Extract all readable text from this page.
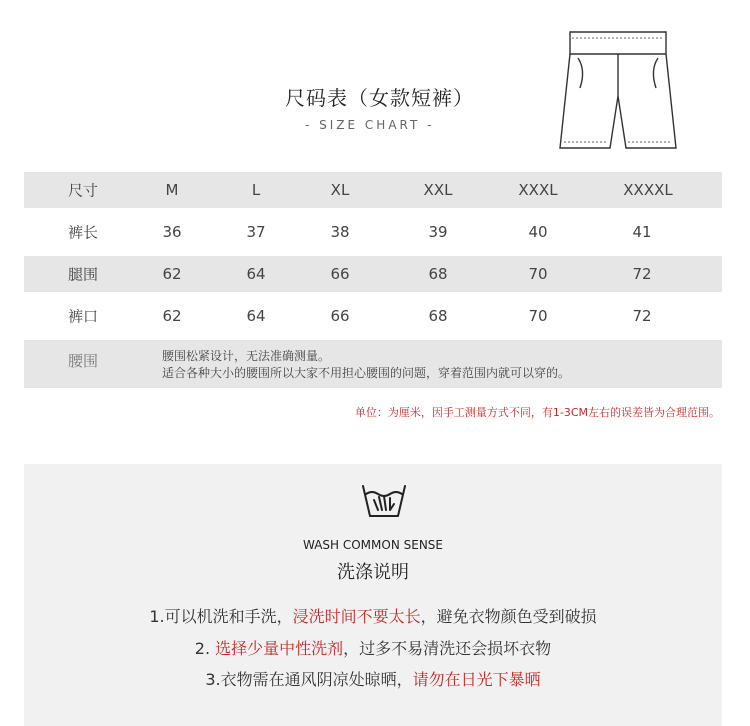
尺码表（女款短裤）
- SIZE CHART -
尺寸	M	L	XL	XXL	XXXL	XXXXL
裤长	36	37	38	39	40	41
腿围	62	64	66	68	70	72
裤口	62	64	66	68	70	72
腰围	腰围松紧设计，无法准确测量。
适合各种大小的腰围所以大家不用担心腰围的问题，穿着范围内就可以穿的。
单位：为厘米，因手工测量方式不同，有1-3CM左右的误差皆为合理范围。
WASH COMMON SENSE
洗涤说明
1.可以机洗和手洗，浸洗时间不要太长，避免衣物颜色受到破损
2. 选择少量中性洗剂，过多不易清洗还会损坏衣物
3.衣物需在通风阴凉处晾晒，请勿在日光下暴晒
